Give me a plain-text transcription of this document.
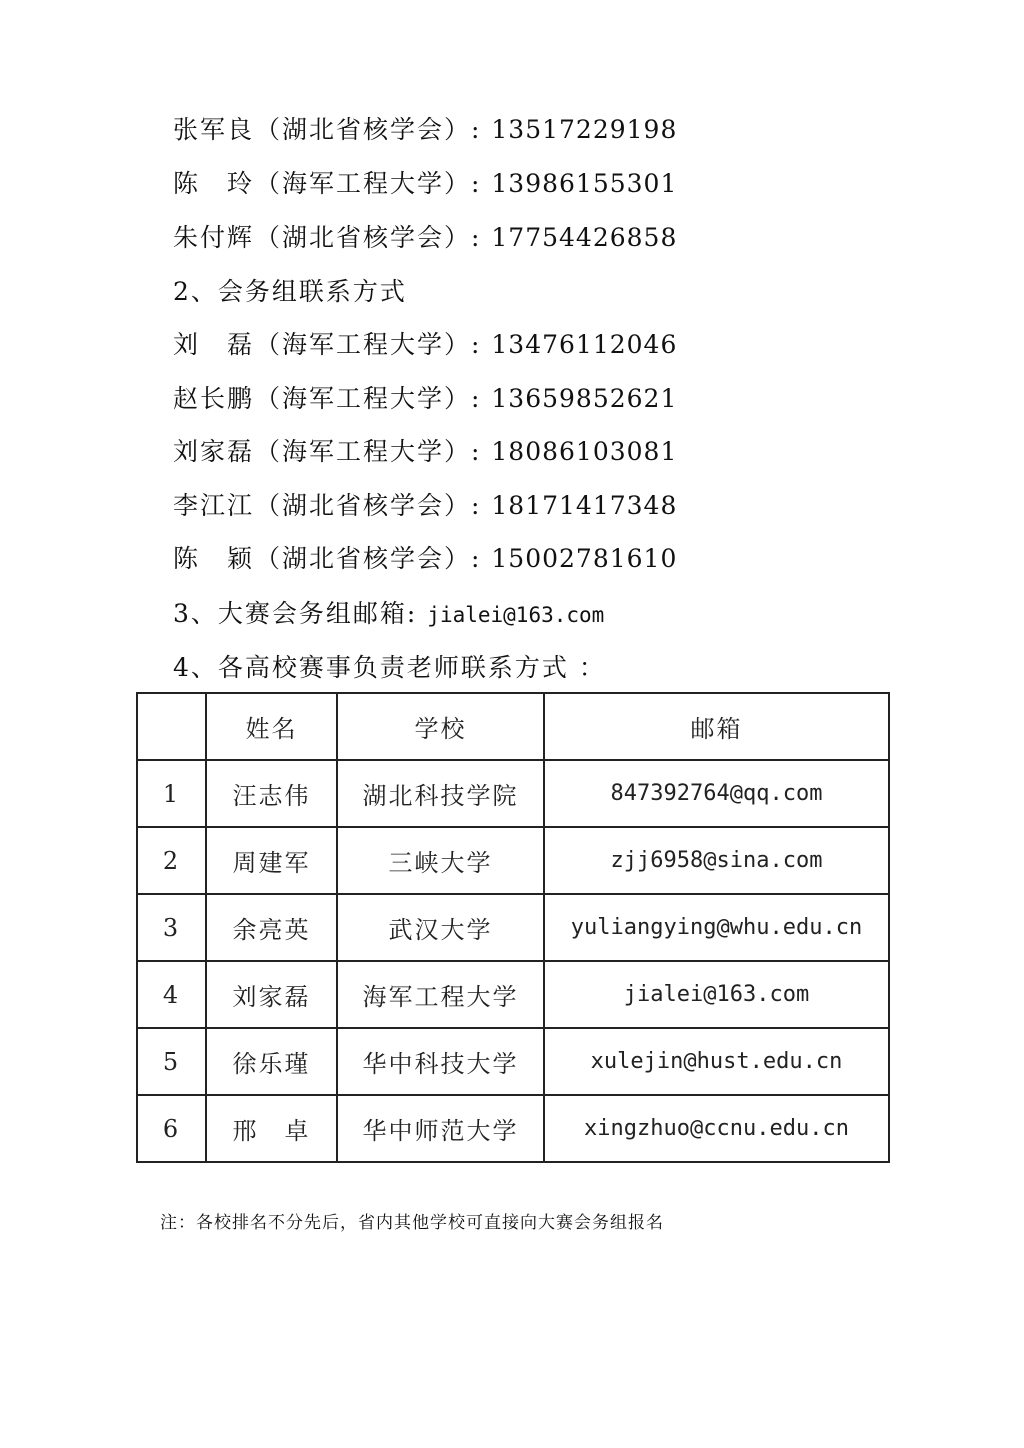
张军良（湖北省核学会）: 13517229198
陈　玲（海军工程大学）: 13986155301
朱付辉（湖北省核学会）: 17754426858
2、会务组联系方式
刘　磊（海军工程大学）: 13476112046
赵长鹏（海军工程大学）: 13659852621
刘家磊（海军工程大学）: 18086103081
李江江（湖北省核学会）: 18171417348
陈　颖（湖北省核学会）: 15002781610
3、大赛会务组邮箱: jialei@163.com
4、各高校赛事负责老师联系方式 ：
	姓名	学校	邮箱
1	汪志伟	湖北科技学院	847392764@qq.com
2	周建军	三峡大学	zjj6958@sina.com
3	余亮英	武汉大学	yuliangying@whu.edu.cn
4	刘家磊	海军工程大学	jialei@163.com
5	徐乐瑾	华中科技大学	xulejin@hust.edu.cn
6	邢　卓	华中师范大学	xingzhuo@ccnu.edu.cn
注：各校排名不分先后，省内其他学校可直接向大赛会务组报名
